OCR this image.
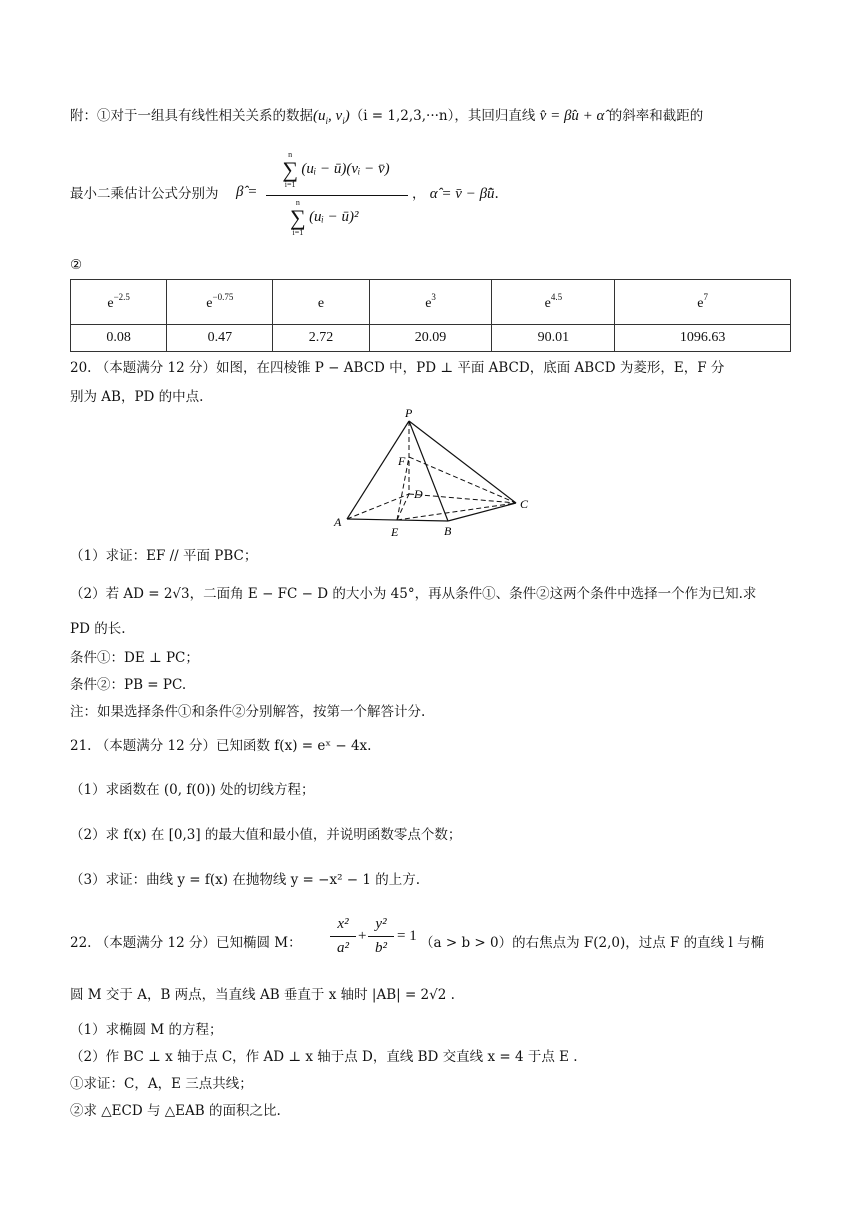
附：①对于一组具有线性相关关系的数据($u_i$, $v_i)(i = 1,2,3,\cdot\cdot\cdot n)$，其回归直线 v̂ = β̂u + α̂ 的斜率和截距的
最小二乘估计公式分别为 β̂ =
n
∑
i=1
(uᵢ − ū)(vᵢ − v̄)
n
∑
i=1
(uᵢ − ū)²
， α̂ = v̄ − β̂ū.
②
$e^{-2.5}$	$e^{-0.75}$	e	$e^3$	$e^{4.5}$	$e^7$
0.08	0.47	2.72	20.09	90.01	1096.63
20. （本题满分 12 分）如图，在四棱锥 P − ABCD 中，PD ⊥ 平面 ABCD，底面 ABCD 为菱形，E，F 分
别为 AB，PD 的中点.
P
F
D
C
A
E	B
（1）求证：EF // 平面 PBC；
（2）若 AD = 2√3，二面角 E − FC − D 的大小为 45°，再从条件①、条件②这两个条件中选择一个作为已知.求
PD 的长.
条件①：DE ⊥ PC；
条件②：PB = PC.
注：如果选择条件①和条件②分别解答，按第一个解答计分.
21. （本题满分 12 分）已知函数 f(x) = eˣ − 4x.
（1）求函数在 (0, f(0)) 处的切线方程；
（2）求 f(x) 在 [0,3] 的最大值和最小值，并说明函数零点个数；
（3）求证：曲线 y = f(x) 在抛物线 y = −x² − 1 的上方.
22. （本题满分 12 分）已知椭圆 M：
x²
a²
+
y²
b²
= 1 （a > b > 0）的右焦点为 F(2,0)，过点 F 的直线 l 与椭
圆 M 交于 A，B 两点，当直线 AB 垂直于 x 轴时 |AB| = 2√2 .
（1）求椭圆 M 的方程；
（2）作 BC ⊥ x 轴于点 C，作 AD ⊥ x 轴于点 D，直线 BD 交直线 x = 4 于点 E .
①求证：C，A，E 三点共线；
②求 △ECD 与 △EAB 的面积之比.
